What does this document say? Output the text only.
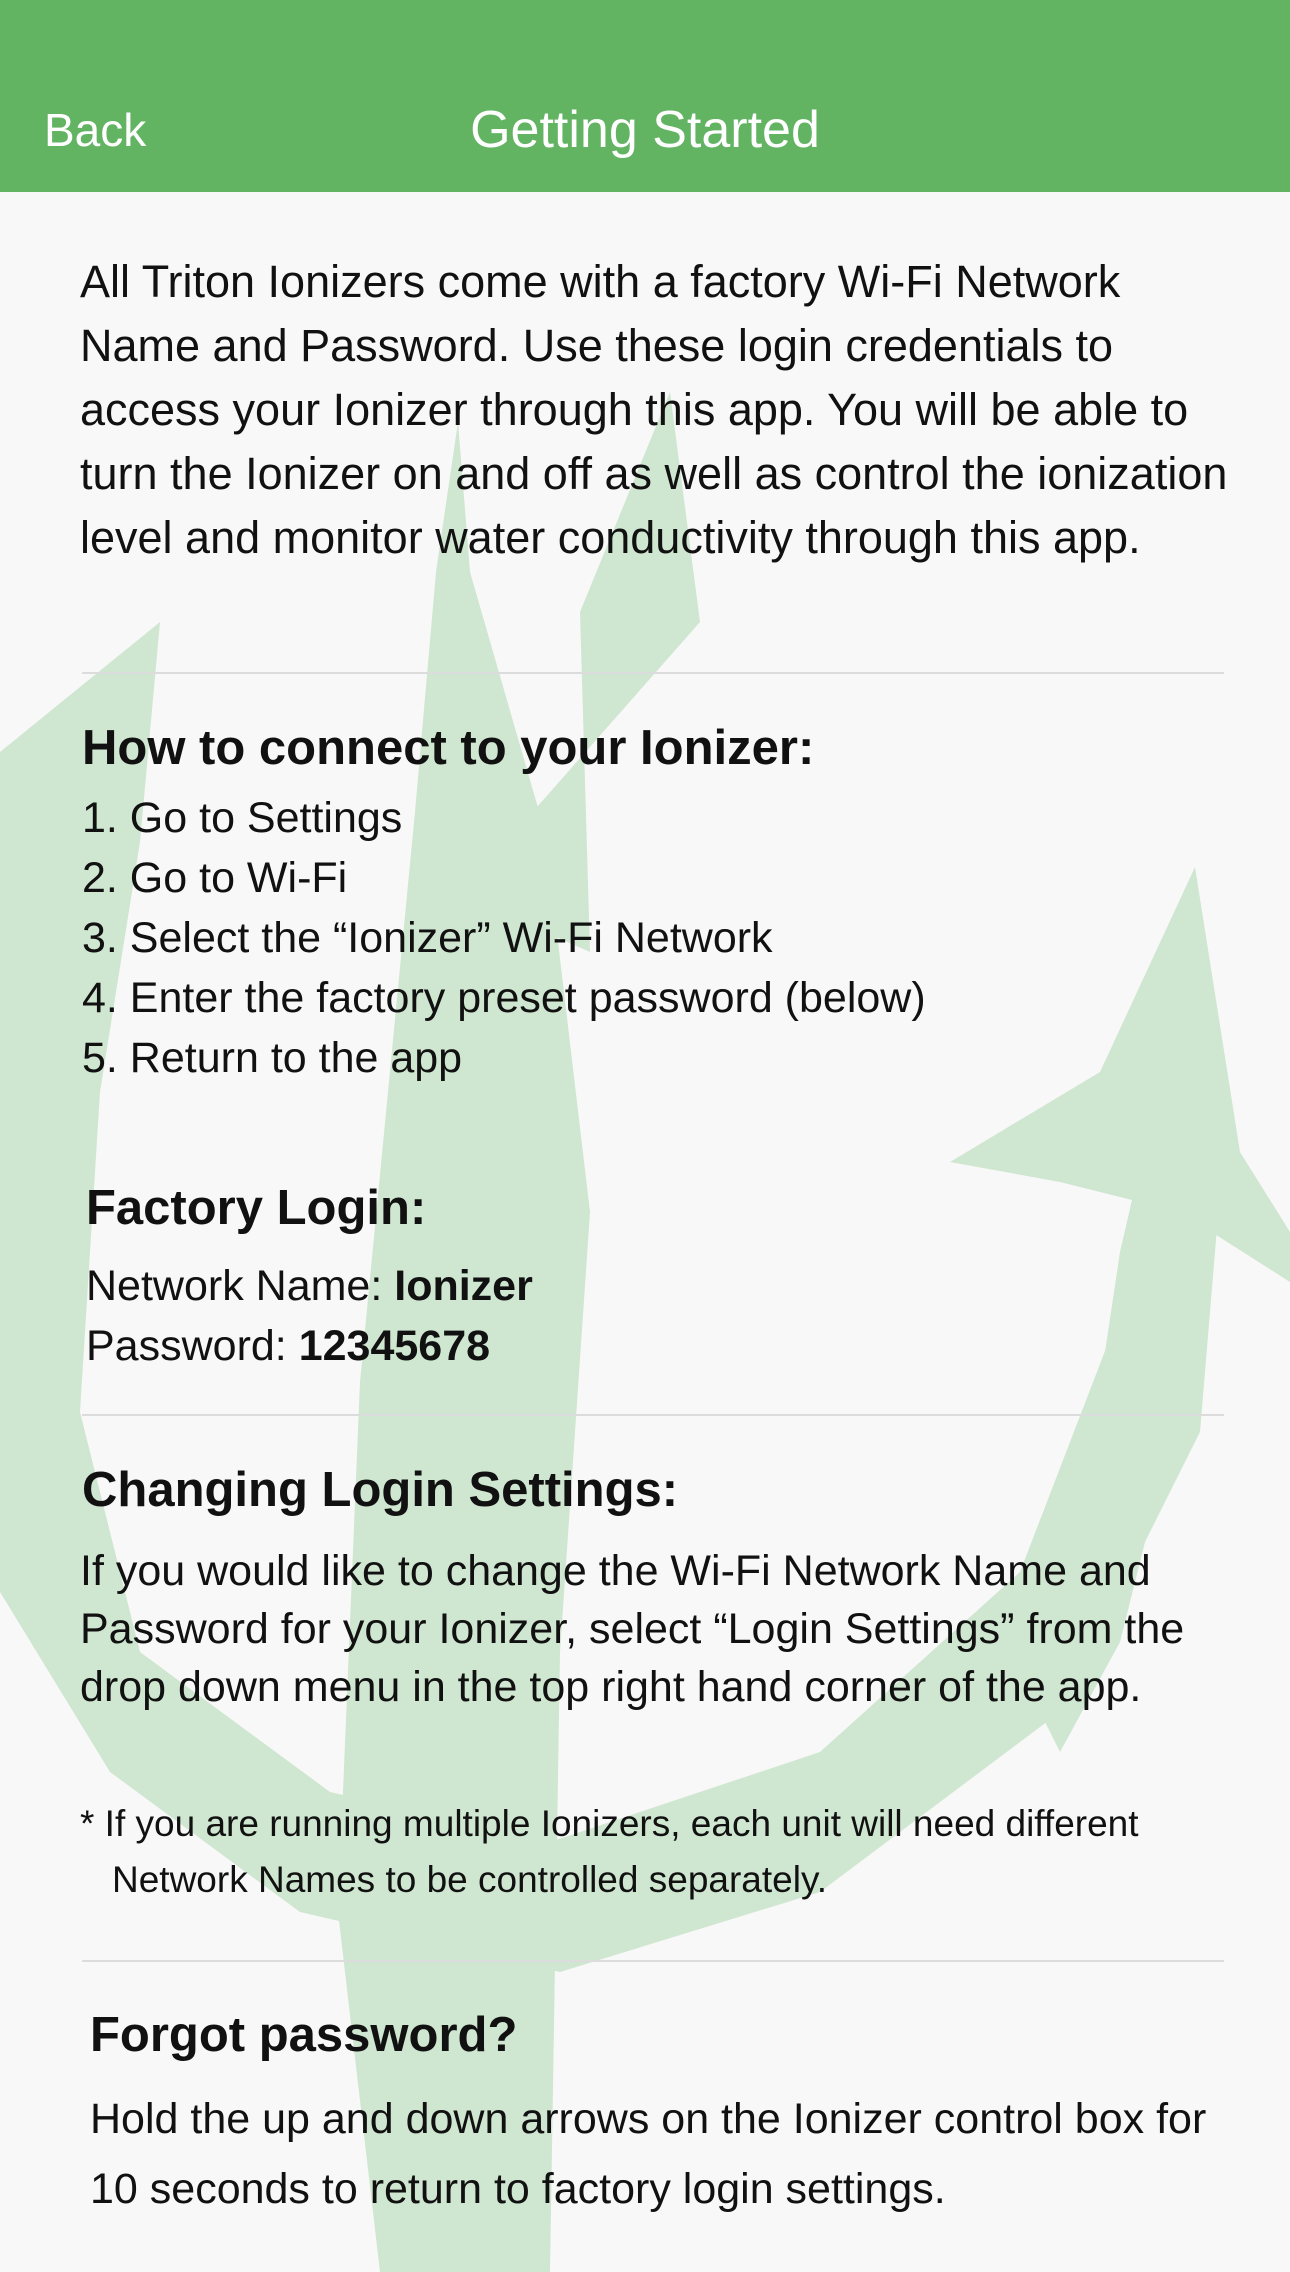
Back	Getting Started

All Triton Ionizers come with a factory Wi-Fi Network Name and Password. Use these login credentials to access your Ionizer through this app. You will be able to turn the Ionizer on and off as well as control the ionization level and monitor water conductivity through this app.

How to connect to your Ionizer:
1. Go to Settings
2. Go to Wi-Fi
3. Select the “Ionizer” Wi-Fi Network
4. Enter the factory preset password (below)
5. Return to the app
Factory Login:
Network Name: Ionizer
Password: 12345678
Changing Login Settings:

If you would like to change the Wi-Fi Network Name and Password for your Ionizer, select “Login Settings” from the drop down menu in the top right hand corner of the app.

* If you are running multiple Ionizers, each unit will need different Network Names to be controlled separately.

Forgot password?

Hold the up and down arrows on the Ionizer control box for 10 seconds to return to factory login settings.
